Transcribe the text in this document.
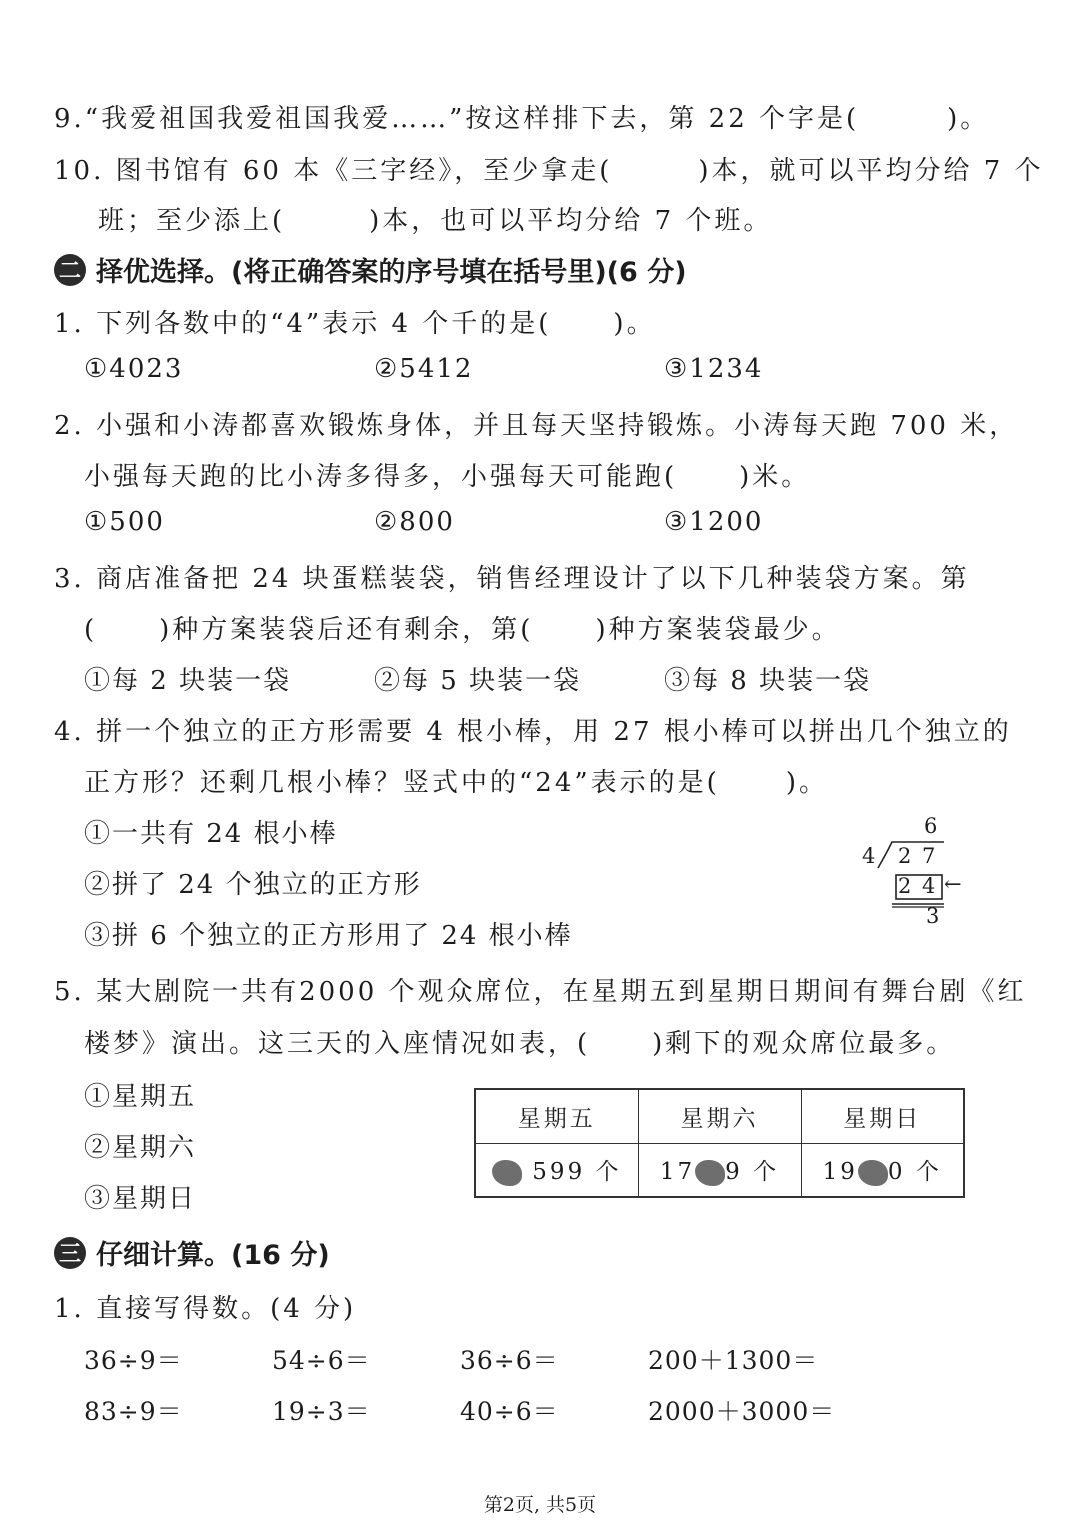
9.“我爱祖国我爱祖国我爱……”按这样排下去，第 22 个字是(	)。
10. 图书馆有 60 本《三字经》，至少拿走(	)本，就可以平均分给 7 个
班；至少添上(	)本，也可以平均分给 7 个班。
二 择优选择。(将正确答案的序号填在括号里)(6 分)
1. 下列各数中的“4”表示 4 个千的是( )。
①4023	②5412	③1234
2. 小强和小涛都喜欢锻炼身体，并且每天坚持锻炼。小涛每天跑 700 米，
小强每天跑的比小涛多得多，小强每天可能跑( )米。
①500	②800	③1200
3. 商店准备把 24 块蛋糕装袋，销售经理设计了以下几种装袋方案。第
( )种方案装袋后还有剩余，第( )种方案装袋最少。
①每 2 块装一袋	②每 5 块装一袋	③每 8 块装一袋
4. 拼一个独立的正方形需要 4 根小棒，用 27 根小棒可以拼出几个独立的
正方形？还剩几根小棒？竖式中的“24”表示的是(	)。
①一共有 24 根小棒
②拼了 24 个独立的正方形
③拼 6 个独立的正方形用了 24 根小棒
6
4 2 7
2 4 ←
3
5. 某大剧院一共有2000 个观众席位，在星期五到星期日期间有舞台剧《红
楼梦》演出。这三天的入座情况如表，( )剩下的观众席位最多。
①星期五
②星期六
③星期日
星期五	星期六	星期日
599 个	17 9 个	19 0 个
三 仔细计算。(16 分)
1. 直接写得数。(4 分)
36÷9＝	54÷6＝	36÷6＝	200＋1300＝
83÷9＝	19÷3＝	40÷6＝	2000＋3000＝
第2页, 共5页
